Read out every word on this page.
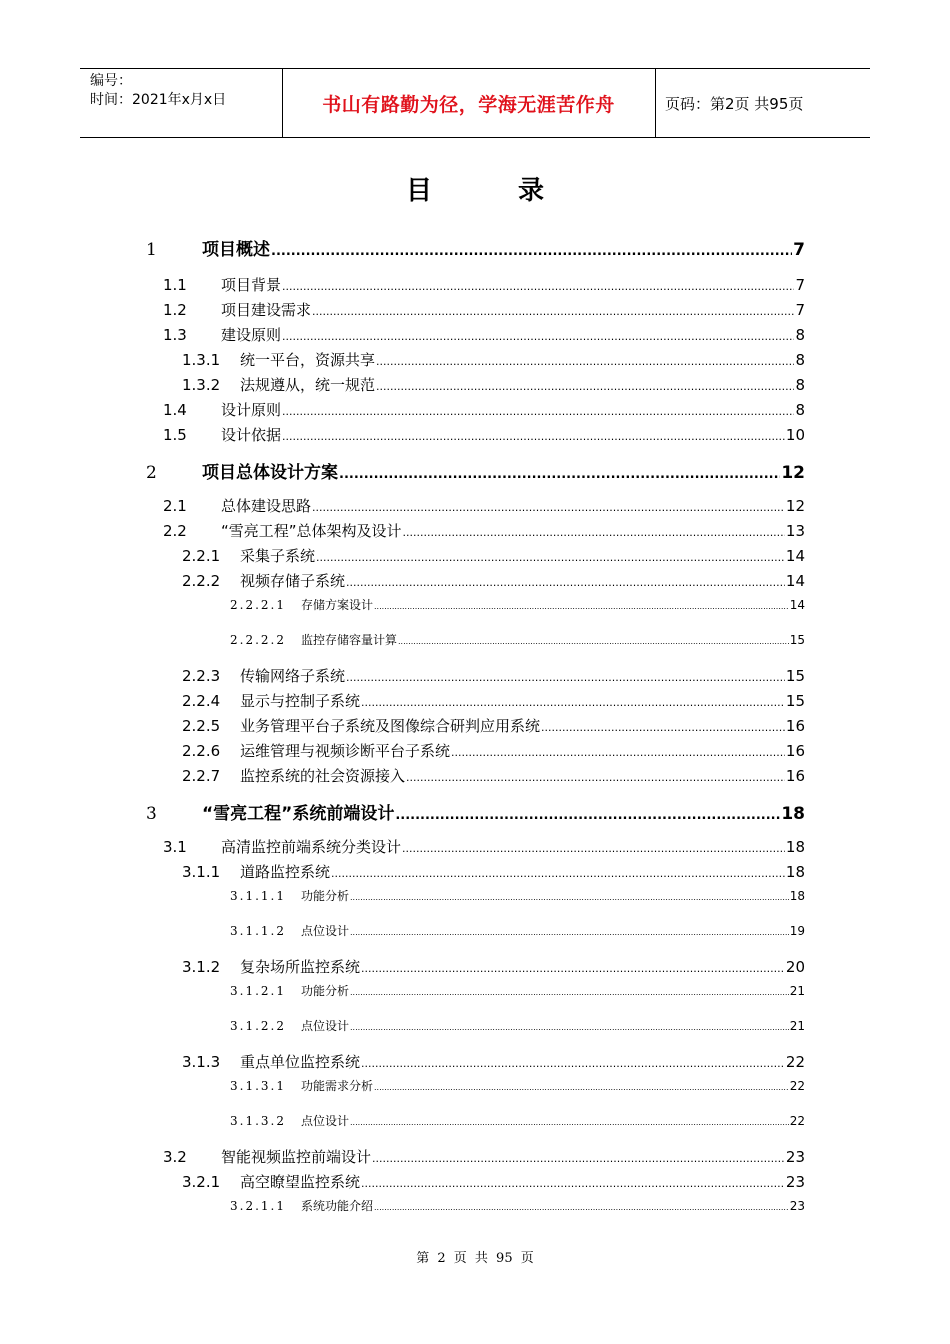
编号：
时间：2021年x月x日	书山有路勤为径，学海无涯苦作舟	页码：第2页 共95页
目	录
1	项目概述 .....	7
1.1	项目背景 .....	7
1.2	项目建设需求 .....	7
1.3	建设原则 .....	8
1.3.1	统一平台，资源共享 .....	8
1.3.2	法规遵从，统一规范 .....	8
1.4	设计原则 .....	8
1.5	设计依据 .....	10
2	项目总体设计方案 .....	12
2.1	总体建设思路 .....	12
2.2	“雪亮工程”总体架构及设计 .....	13
2.2.1	采集子系统 .....	14
2.2.2	视频存储子系统 .....	14
2.2.2.1	存储方案设计 .....	14
2.2.2.2	监控存储容量计算 .....	15
2.2.3	传输网络子系统 .....	15
2.2.4	显示与控制子系统 .....	15
2.2.5	业务管理平台子系统及图像综合研判应用系统 .....	16
2.2.6	运维管理与视频诊断平台子系统 .....	16
2.2.7	监控系统的社会资源接入 .....	16
3	“雪亮工程”系统前端设计 .....	18
3.1	高清监控前端系统分类设计 .....	18
3.1.1	道路监控系统 .....	18
3.1.1.1	功能分析 .....	18
3.1.1.2	点位设计 .....	19
3.1.2	复杂场所监控系统 .....	20
3.1.2.1	功能分析 .....	21
3.1.2.2	点位设计 .....	21
3.1.3	重点单位监控系统 .....	22
3.1.3.1	功能需求分析 .....	22
3.1.3.2	点位设计 .....	22
3.2	智能视频监控前端设计 .....	23
3.2.1	高空瞭望监控系统 .....	23
3.2.1.1	系统功能介绍 .....	23
第 2 页 共 95 页
